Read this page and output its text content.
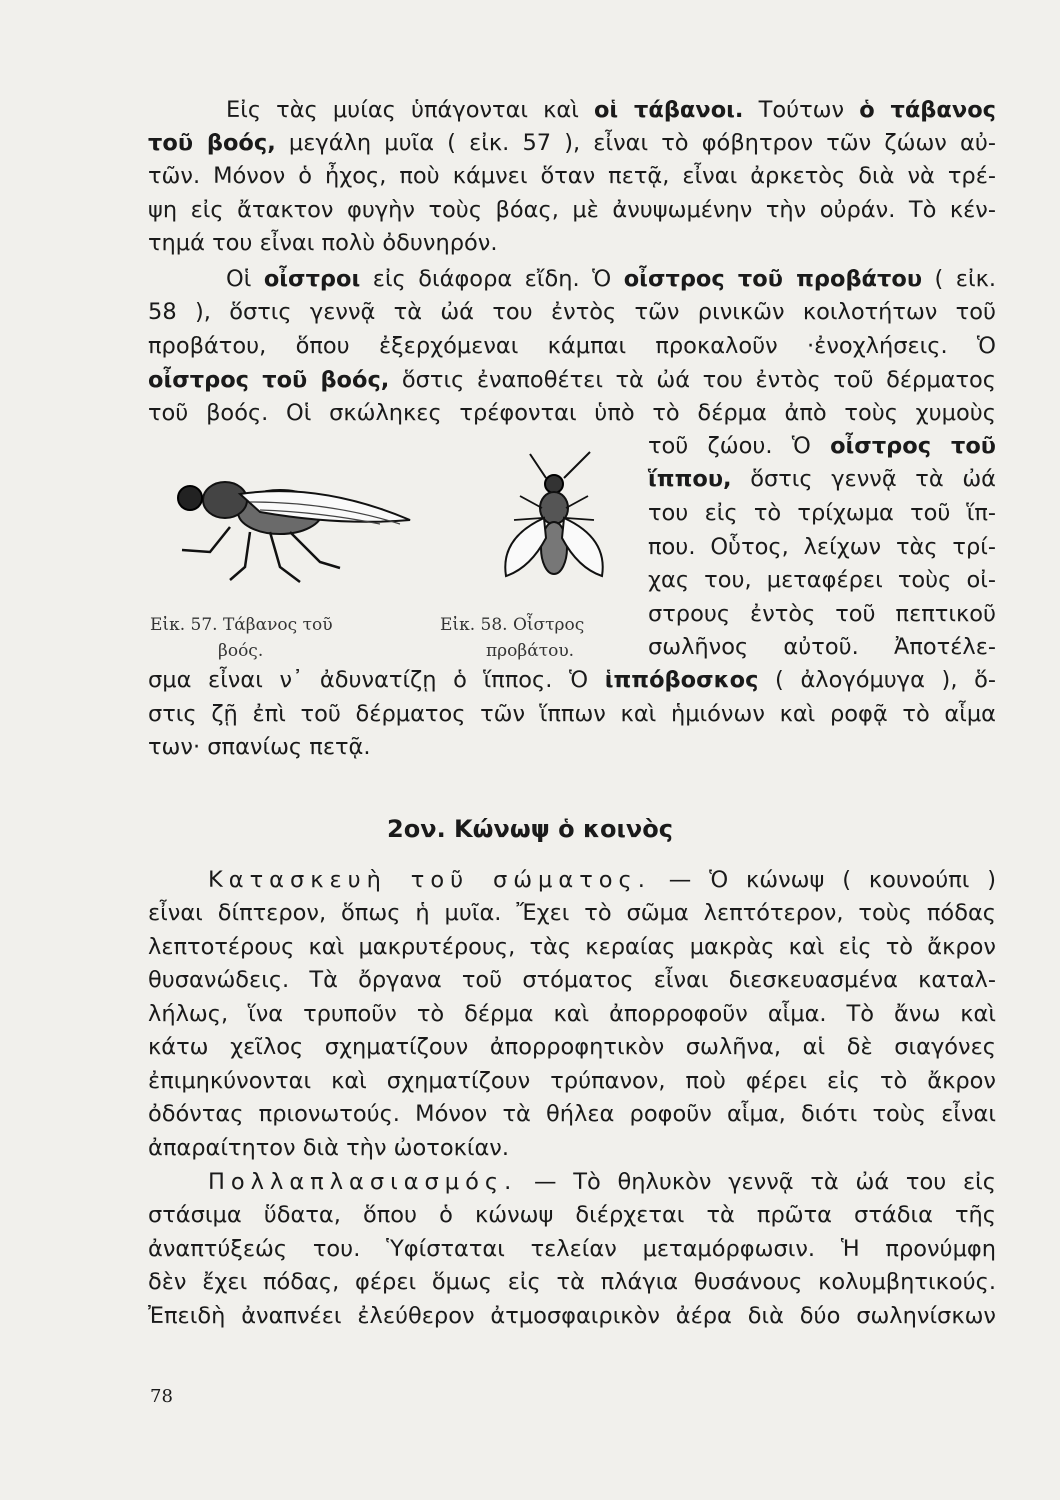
Εἰς τὰς μυίας ὑπάγονται καὶ οἱ τάβανοι. Τούτων ὁ τάβανος
τοῦ βοός, μεγάλη μυῖα ( εἰκ. 57 ), εἶναι τὸ φόβητρον τῶν ζώων αὐ-
τῶν. Μόνον ὁ ἦχος, ποὺ κάμνει ὅταν πετᾷ, εἶναι ἀρκετὸς διὰ νὰ τρέ-
ψη εἰς ἄτακτον φυγὴν τοὺς βόας, μὲ ἀνυψωμένην τὴν οὐράν. Τὸ κέν-
τημά του εἶναι πολὺ ὀδυνηρόν.
Οἱ οἶστροι εἰς διάφορα εἴδη. Ὁ οἶστρος τοῦ προβάτου ( εἰκ.
58 ), ὅστις γεννᾷ τὰ ὠά του ἐντὸς τῶν ρινικῶν κοιλοτήτων τοῦ
προβάτου, ὅπου ἐξερχόμεναι κάμπαι προκαλοῦν ·ἐνοχλήσεις. Ὁ
οἶστρος τοῦ βοός, ὅστις ἐναποθέτει τὰ ὠά του ἐντὸς τοῦ δέρματος
τοῦ βοός. Οἱ σκώληκες τρέφονται ὑπὸ τὸ δέρμα ἀπὸ τοὺς χυμοὺς
τοῦ ζώου. Ὁ οἶστρος τοῦ
ἵππου, ὅστις γεννᾷ τὰ ὠά
του εἰς τὸ τρίχωμα τοῦ ἵπ-
που. Οὗτος, λείχων τὰς τρί-
χας του, μεταφέρει τοὺς οἰ-
στρους ἐντὸς τοῦ πεπτικοῦ
σωλῆνος αὐτοῦ. Ἀποτέλε-
σμα εἶναι ν᾽ ἀδυνατίζῃ ὁ ἵππος. Ὁ ἱππόβοσκος ( ἀλογόμυγα ), ὅ-
στις ζῇ ἐπὶ τοῦ δέρματος τῶν ἵππων καὶ ἡμιόνων καὶ ροφᾷ τὸ αἷμα
των· σπανίως πετᾷ.
Κατασκευὴ τοῦ σώματος. — Ὁ κώνωψ ( κουνούπι )
εἶναι δίπτερον, ὅπως ἡ μυῖα. Ἔχει τὸ σῶμα λεπτότερον, τοὺς πόδας
λεπτοτέρους καὶ μακρυτέρους, τὰς κεραίας μακρὰς καὶ εἰς τὸ ἄκρον
θυσανώδεις. Τὰ ὄργανα τοῦ στόματος εἶναι διεσκευασμένα καταλ-
λήλως, ἵνα τρυποῦν τὸ δέρμα καὶ ἀπορροφοῦν αἷμα. Τὸ ἄνω καὶ
κάτω χεῖλος σχηματίζουν ἀπορροφητικὸν σωλῆνα, αἱ δὲ σιαγόνες
ἐπιμηκύνονται καὶ σχηματίζουν τρύπανον, ποὺ φέρει εἰς τὸ ἄκρον
ὀδόντας πριονωτούς. Μόνον τὰ θήλεα ροφοῦν αἷμα, διότι τοὺς εἶναι
ἀπαραίτητον διὰ τὴν ὠοτοκίαν.
Πολλαπλασιασμός. — Τὸ θηλυκὸν γεννᾷ τὰ ὠά του εἰς
στάσιμα ὕδατα, ὅπου ὁ κώνωψ διέρχεται τὰ πρῶτα στάδια τῆς
ἀναπτύξεώς του. Ὑφίσταται τελείαν μεταμόρφωσιν. Ἡ προνύμφη
δὲν ἔχει πόδας, φέρει ὅμως εἰς τὰ πλάγια θυσάνους κολυμβητικούς.
Ἐπειδὴ ἀναπνέει ἐλεύθερον ἀτμοσφαιρικὸν ἀέρα διὰ δύο σωληνίσκων
2ον. Κώνωψ ὁ κοινὸς
Εἰκ. 57. Τάβανος τοῦ
βοός.
Εἰκ. 58. Οἶστρος
προβάτου.
78
